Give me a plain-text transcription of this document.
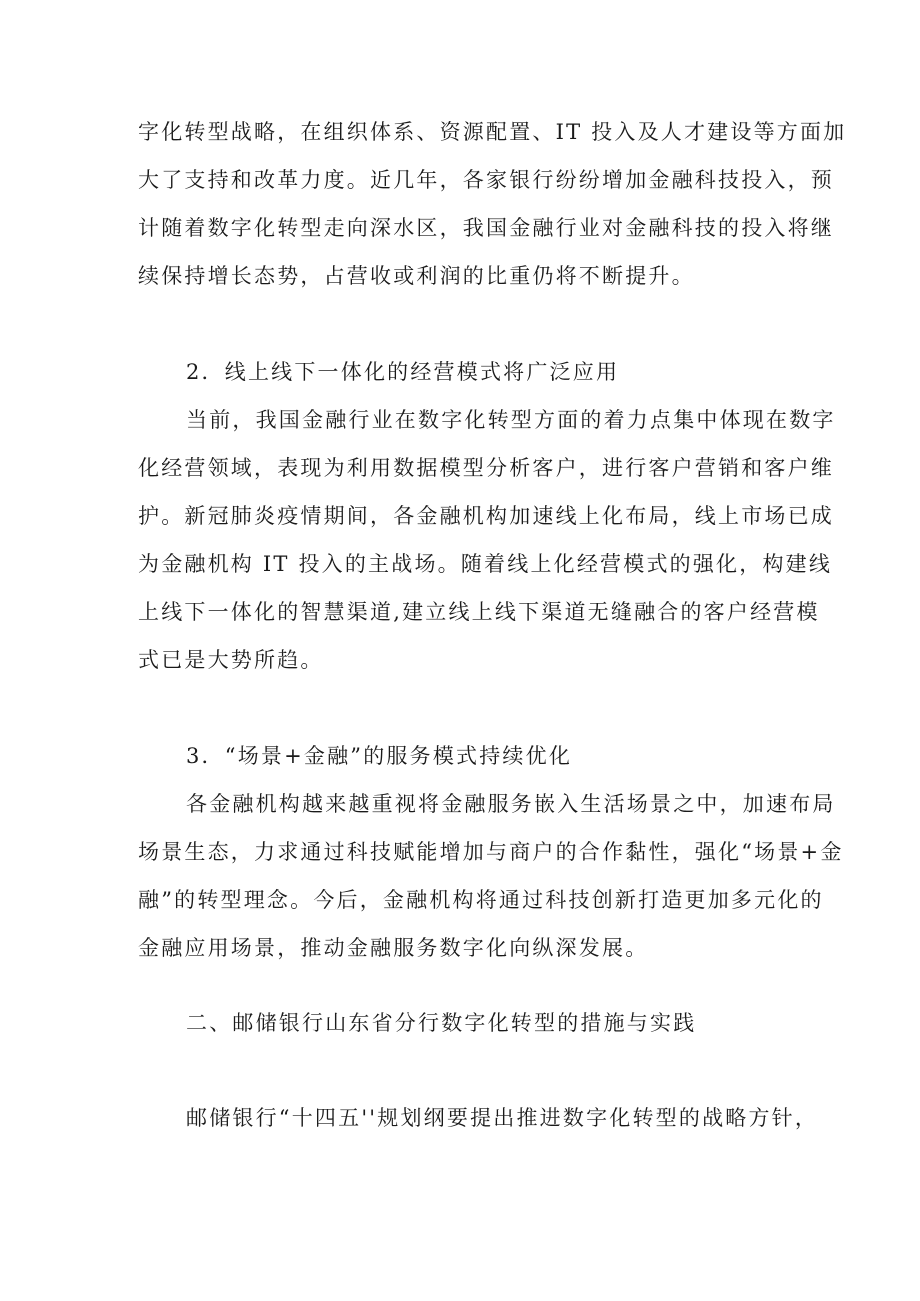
字化转型战略，在组织体系、资源配置、IT 投入及人才建设等方面加
大了支持和改革力度。近几年，各家银行纷纷增加金融科技投入，预
计随着数字化转型走向深水区，我国金融行业对金融科技的投入将继
续保持增长态势，占营收或利润的比重仍将不断提升。
2．线上线下一体化的经营模式将广泛应用
当前，我国金融行业在数字化转型方面的着力点集中体现在数字
化经营领域，表现为利用数据模型分析客户，进行客户营销和客户维
护。新冠肺炎疫情期间，各金融机构加速线上化布局，线上市场已成
为金融机构 IT 投入的主战场。随着线上化经营模式的强化，构建线
上线下一体化的智慧渠道,建立线上线下渠道无缝融合的客户经营模
式已是大势所趋。
3．“场景+金融”的服务模式持续优化
各金融机构越来越重视将金融服务嵌入生活场景之中，加速布局
场景生态，力求通过科技赋能增加与商户的合作黏性，强化“场景+金
融”的转型理念。今后，金融机构将通过科技创新打造更加多元化的
金融应用场景，推动金融服务数字化向纵深发展。
二、邮储银行山东省分行数字化转型的措施与实践
邮储银行“十四五''规划纲要提出推进数字化转型的战略方针，
